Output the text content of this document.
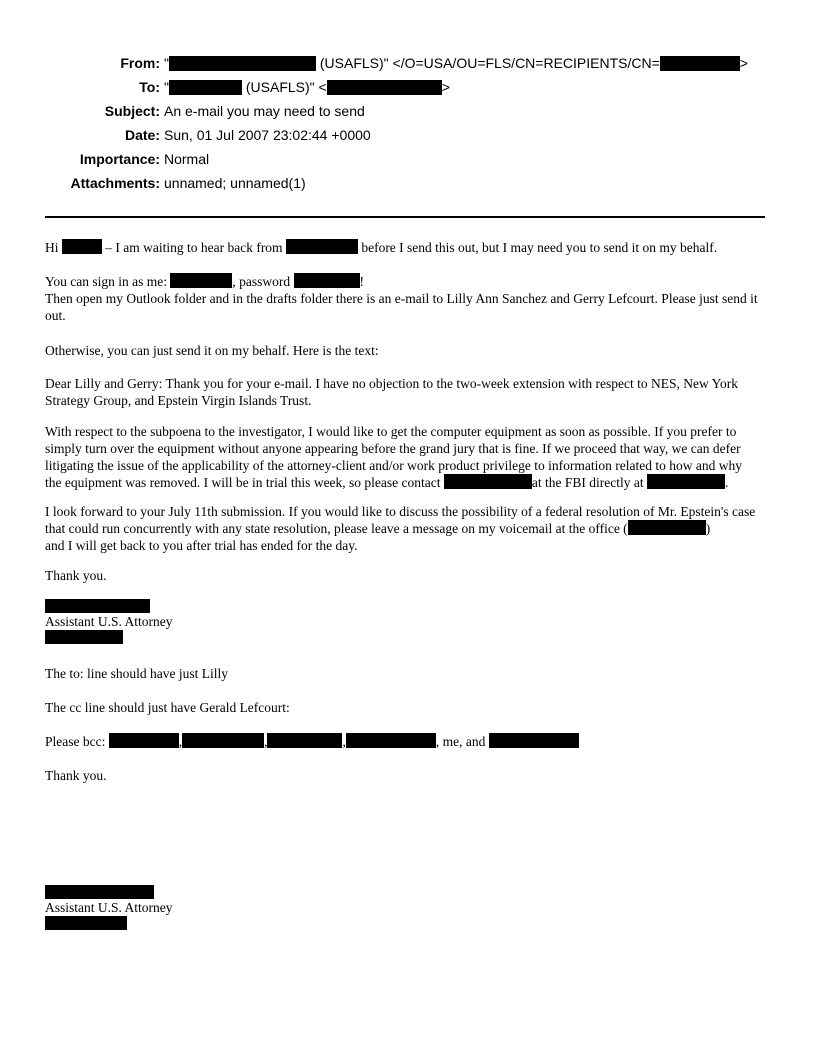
From: "	(USAFLS)" </O=USA/OU=FLS/CN=RECIPIENTS/CN=	>
To: "	(USAFLS)" <	>
Subject: An e-mail you may need to send
Date: Sun, 01 Jul 2007 23:02:44 +0000
Importance: Normal
Attachments: unnamed; unnamed(1)
Hi	– I am waiting to hear back from	before I send this out, but I may need you to send it on my behalf.
You can sign in as me:	, password	!

Then open my Outlook folder and in the drafts folder there is an e-mail to Lilly Ann Sanchez and Gerry Lefcourt. Please just send it out.

Otherwise, you can just send it on my behalf. Here is the text:

Dear Lilly and Gerry: Thank you for your e-mail. I have no objection to the two-week extension with respect to NES, New York Strategy Group, and Epstein Virgin Islands Trust.

With respect to the subpoena to the investigator, I would like to get the computer equipment as soon as possible. If you prefer to simply turn over the equipment without anyone appearing before the grand jury that is fine. If we proceed that way, we can defer litigating the issue of the applicability of the attorney-client and/or work product privilege to information related to how and why

the equipment was removed. I will be in trial this week, so please contact	at the FBI directly at	.

I look forward to your July 11th submission. If you would like to discuss the possibility of a federal resolution of Mr. Epstein's case that could run concurrently with any state resolution, please leave a message on my voicemail at the office (	)

and I will get back to you after trial has ended for the day.

Thank you.

Assistant U.S. Attorney

The to: line should have just Lilly

The cc line should just have Gerald Lefcourt:

Please bcc:	,	,	,	, me, and

Thank you.

Assistant U.S. Attorney
